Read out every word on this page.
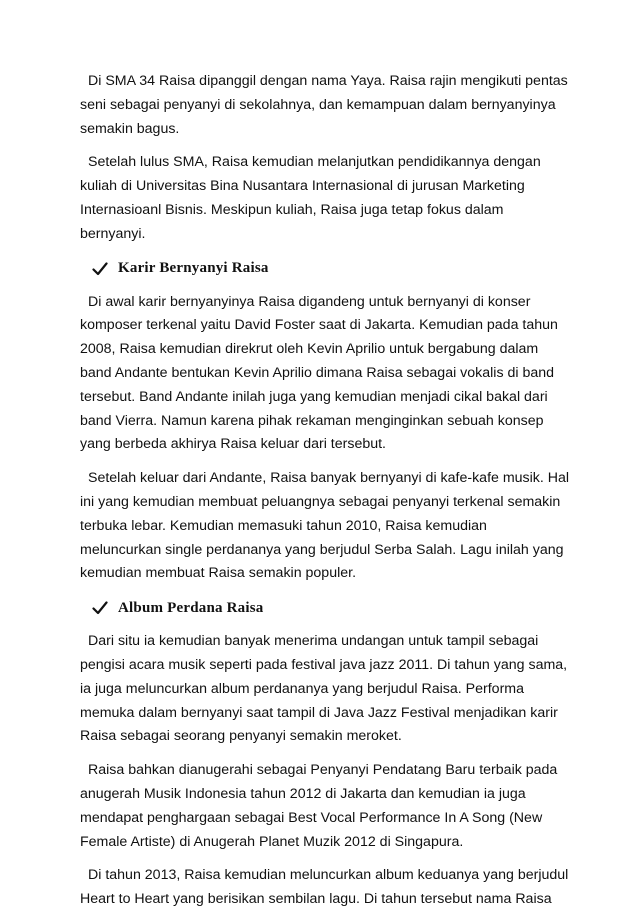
Di SMA 34 Raisa dipanggil dengan nama Yaya. Raisa rajin mengikuti pentas seni sebagai penyanyi di sekolahnya, dan kemampuan dalam bernyanyinya semakin bagus.

Setelah lulus SMA, Raisa kemudian melanjutkan pendidikannya dengan kuliah di Universitas Bina Nusantara Internasional di jurusan Marketing Internasioanl Bisnis. Meskipun kuliah, Raisa juga tetap fokus dalam bernyanyi.

Karir Bernyanyi Raisa

Di awal karir bernyanyinya Raisa digandeng untuk bernyanyi di konser komposer terkenal yaitu David Foster saat di Jakarta. Kemudian pada tahun 2008, Raisa kemudian direkrut oleh Kevin Aprilio untuk bergabung dalam band Andante bentukan Kevin Aprilio dimana Raisa sebagai vokalis di band tersebut. Band Andante inilah juga yang kemudian menjadi cikal bakal dari band Vierra. Namun karena pihak rekaman menginginkan sebuah konsep yang berbeda akhirya Raisa keluar dari tersebut.

Setelah keluar dari Andante, Raisa banyak bernyanyi di kafe-kafe musik. Hal ini yang kemudian membuat peluangnya sebagai penyanyi terkenal semakin terbuka lebar. Kemudian memasuki tahun 2010, Raisa kemudian meluncurkan single perdananya yang berjudul Serba Salah. Lagu inilah yang kemudian membuat Raisa semakin populer.

Album Perdana Raisa

Dari situ ia kemudian banyak menerima undangan untuk tampil sebagai pengisi acara musik seperti pada festival java jazz 2011. Di tahun yang sama, ia juga meluncurkan album perdananya yang berjudul Raisa. Performa memuka dalam bernyanyi saat tampil di Java Jazz Festival menjadikan karir Raisa sebagai seorang penyanyi semakin meroket.

Raisa bahkan dianugerahi sebagai Penyanyi Pendatang Baru terbaik pada anugerah Musik Indonesia tahun 2012 di Jakarta dan kemudian ia juga mendapat penghargaan sebagai Best Vocal Performance In A Song (New Female Artiste) di Anugerah Planet Muzik 2012 di Singapura.

Di tahun 2013, Raisa kemudian meluncurkan album keduanya yang berjudul Heart to Heart yang berisikan sembilan lagu. Di tahun tersebut nama Raisa
